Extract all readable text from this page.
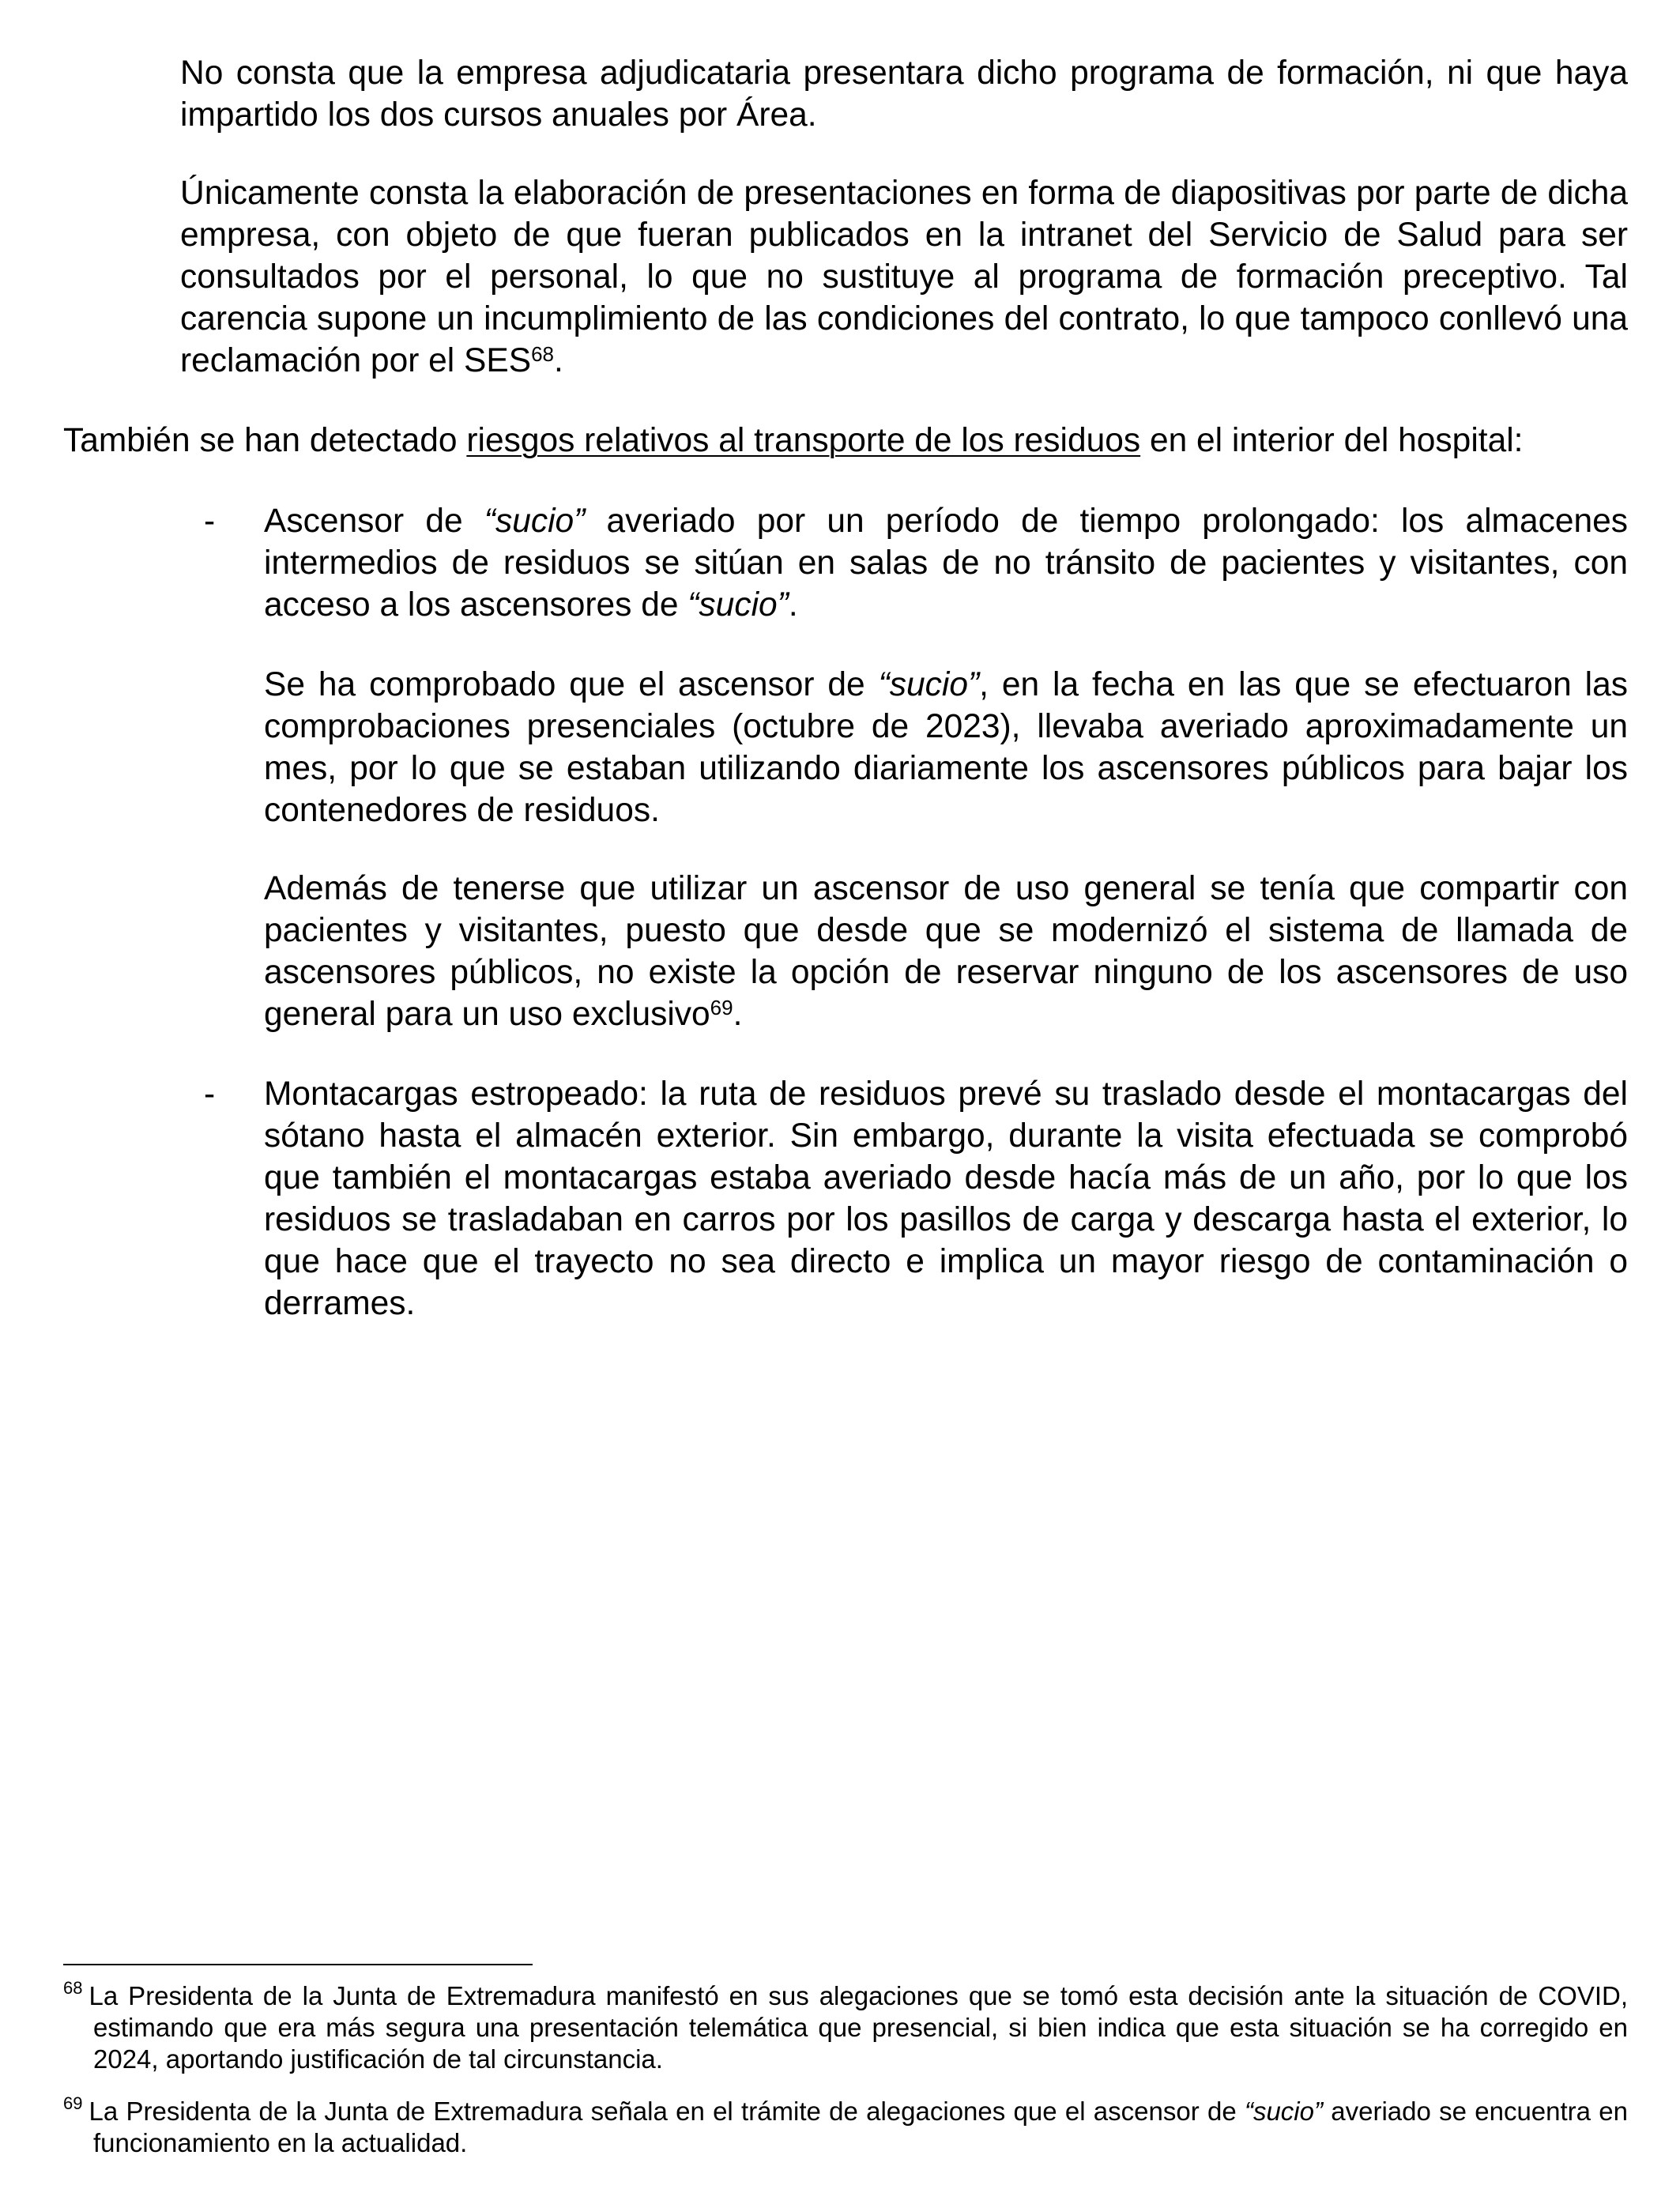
No consta que la empresa adjudicataria presentara dicho programa de formación, ni que haya impartido los dos cursos anuales por Área.

Únicamente consta la elaboración de presentaciones en forma de diapositivas por parte de dicha empresa, con objeto de que fueran publicados en la intranet del Servicio de Salud para ser consultados por el personal, lo que no sustituye al programa de formación preceptivo. Tal carencia supone un incumplimiento de las condiciones del contrato, lo que tampoco conllevó una reclamación por el SES$^{68}$.

También se han detectado riesgos relativos al transporte de los residuos en el interior del hospital:

- Ascensor de “sucio” averiado por un período de tiempo prolongado: los almacenes intermedios de residuos se sitúan en salas de no tránsito de pacientes y visitantes, con acceso a los ascensores de “sucio”.

Se ha comprobado que el ascensor de “sucio”, en la fecha en las que se efectuaron las comprobaciones presenciales (octubre de 2023), llevaba averiado aproximadamente un mes, por lo que se estaban utilizando diariamente los ascensores públicos para bajar los contenedores de residuos.

Además de tenerse que utilizar un ascensor de uso general se tenía que compartir con pacientes y visitantes, puesto que desde que se modernizó el sistema de llamada de ascensores públicos, no existe la opción de reservar ninguno de los ascensores de uso general para un uso exclusivo$^{69}$.

- Montacargas estropeado: la ruta de residuos prevé su traslado desde el montacargas del sótano hasta el almacén exterior. Sin embargo, durante la visita efectuada se comprobó que también el montacargas estaba averiado desde hacía más de un año, por lo que los residuos se trasladaban en carros por los pasillos de carga y descarga hasta el exterior, lo que hace que el trayecto no sea directo e implica un mayor riesgo de contaminación o derrames.

$^{68}$ La Presidenta de la Junta de Extremadura manifestó en sus alegaciones que se tomó esta decisión ante la situación de COVID, estimando que era más segura una presentación telemática que presencial, si bien indica que esta situación se ha corregido en 2024, aportando justificación de tal circunstancia.

$^{69}$ La Presidenta de la Junta de Extremadura señala en el trámite de alegaciones que el ascensor de “sucio” averiado se encuentra en funcionamiento en la actualidad.
